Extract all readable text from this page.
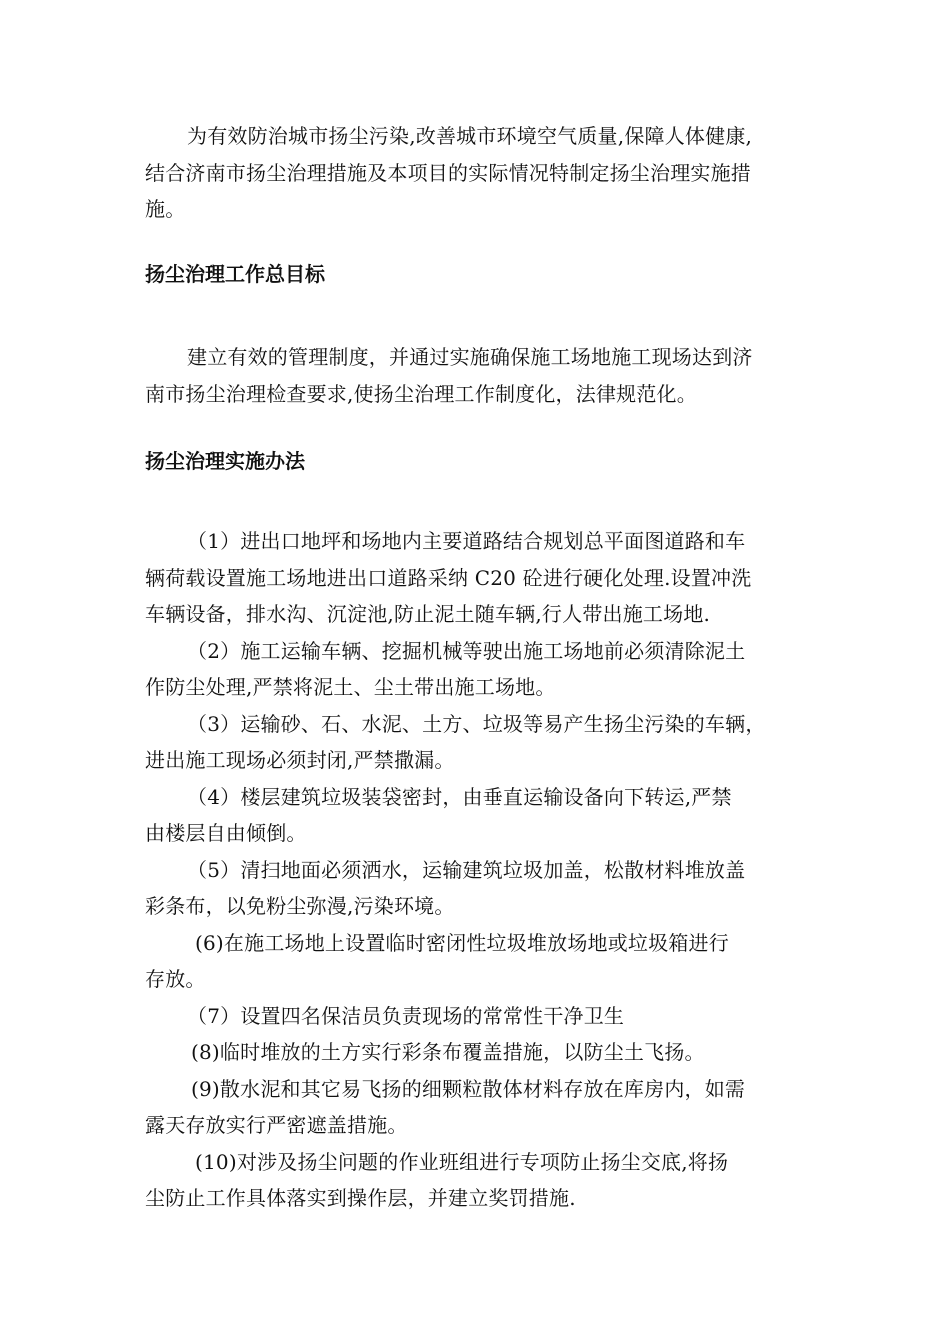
为有效防治城市扬尘污染,改善城市环境空气质量,保障人体健康,
结合济南市扬尘治理措施及本项目的实际情况特制定扬尘治理实施措
施。
扬尘治理工作总目标
建立有效的管理制度，并通过实施确保施工场地施工现场达到济
南市扬尘治理检查要求,使扬尘治理工作制度化，法律规范化。
扬尘治理实施办法
（1）进出口地坪和场地内主要道路结合规划总平面图道路和车
辆荷载设置施工场地进出口道路采纳 C20 砼进行硬化处理.设置冲洗
车辆设备，排水沟、沉淀池,防止泥土随车辆,行人带出施工场地.
（2）施工运输车辆、挖掘机械等驶出施工场地前必须清除泥土
作防尘处理,严禁将泥土、尘土带出施工场地。
（3）运输砂、石、水泥、土方、垃圾等易产生扬尘污染的车辆，
进出施工现场必须封闭,严禁撒漏。
（4）楼层建筑垃圾装袋密封，由垂直运输设备向下转运,严禁
由楼层自由倾倒。
（5）清扫地面必须洒水，运输建筑垃圾加盖，松散材料堆放盖
彩条布，以免粉尘弥漫,污染环境。
(6)在施工场地上设置临时密闭性垃圾堆放场地或垃圾箱进行
存放。
（7）设置四名保洁员负责现场的常常性干净卫生
(8)临时堆放的土方实行彩条布覆盖措施，以防尘土飞扬。
(9)散水泥和其它易飞扬的细颗粒散体材料存放在库房内，如需
露天存放实行严密遮盖措施。
(10)对涉及扬尘问题的作业班组进行专项防止扬尘交底,将扬
尘防止工作具体落实到操作层，并建立奖罚措施.
